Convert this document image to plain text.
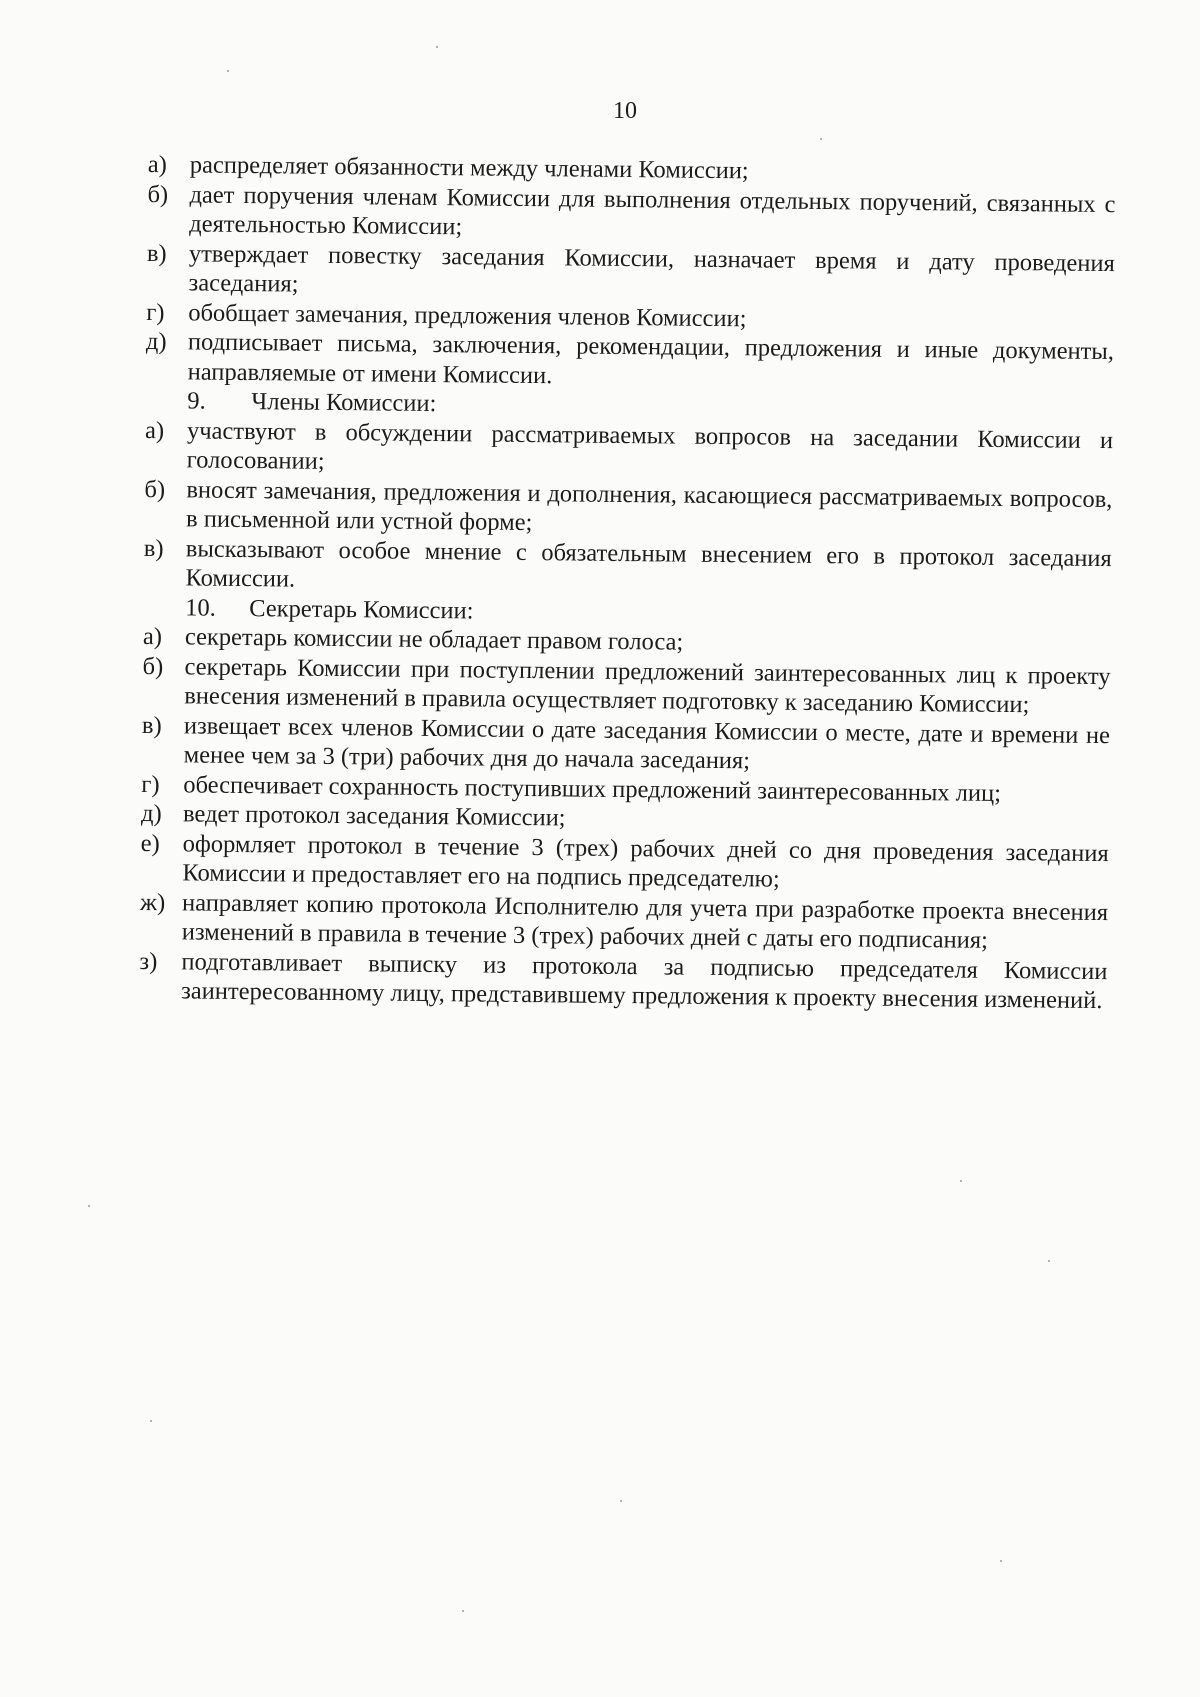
10
а) распределяет обязанности между членами Комиссии;
б) дает поручения членам Комиссии для выполнения отдельных поручений, связанных с деятельностью Комиссии;
в) утверждает повестку заседания Комиссии, назначает время и дату проведения заседания;
г) обобщает замечания, предложения членов Комиссии;
д) подписывает письма, заключения, рекомендации, предложения и иные документы, направляемые от имени Комиссии.
9. Члены Комиссии:
а) участвуют в обсуждении рассматриваемых вопросов на заседании Комиссии и голосовании;
б) вносят замечания, предложения и дополнения, касающиеся рассматриваемых вопросов, в письменной или устной форме;
в) высказывают особое мнение с обязательным внесением его в протокол заседания Комиссии.
10. Секретарь Комиссии:
а) секретарь комиссии не обладает правом голоса;
б) секретарь Комиссии при поступлении предложений заинтересованных лиц к проекту внесения изменений в правила осуществляет подготовку к заседанию Комиссии;
в) извещает всех членов Комиссии о дате заседания Комиссии о месте, дате и времени не менее чем за 3 (три) рабочих дня до начала заседания;
г) обеспечивает сохранность поступивших предложений заинтересованных лиц;
д) ведет протокол заседания Комиссии;
е) оформляет протокол в течение 3 (трех) рабочих дней со дня проведения заседания Комиссии и предоставляет его на подпись председателю;
ж) направляет копию протокола Исполнителю для учета при разработке проекта внесения изменений в правила в течение 3 (трех) рабочих дней с даты его подписания;
з) подготавливает выписку из протокола за подписью председателя Комиссии заинтересованному лицу, представившему предложения к проекту внесения изменений.
